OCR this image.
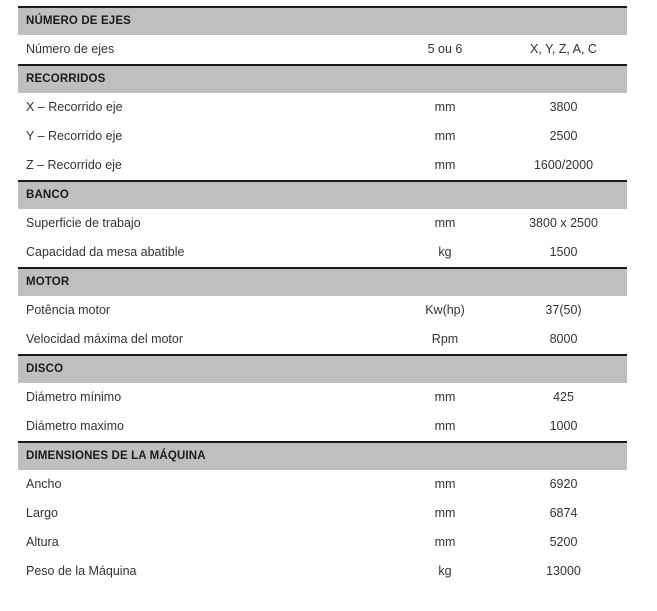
NÚMERO DE EJES
Número de ejes	5 ou 6	X, Y, Z, A, C
RECORRIDOS
X – Recorrido eje	mm	3800
Y – Recorrido eje	mm	2500
Z – Recorrido eje	mm	1600/2000
BANCO
Superficie de trabajo	mm	3800 x 2500
Capacidad da mesa abatible	kg	1500
MOTOR
Potência motor	Kw(hp)	37(50)
Velocidad máxima del motor	Rpm	8000
DISCO
Diámetro mínimo	mm	425
Diámetro maximo	mm	1000
DIMENSIONES DE LA MÁQUINA
Ancho	mm	6920
Largo	mm	6874
Altura	mm	5200
Peso de la Máquina	kg	13000
